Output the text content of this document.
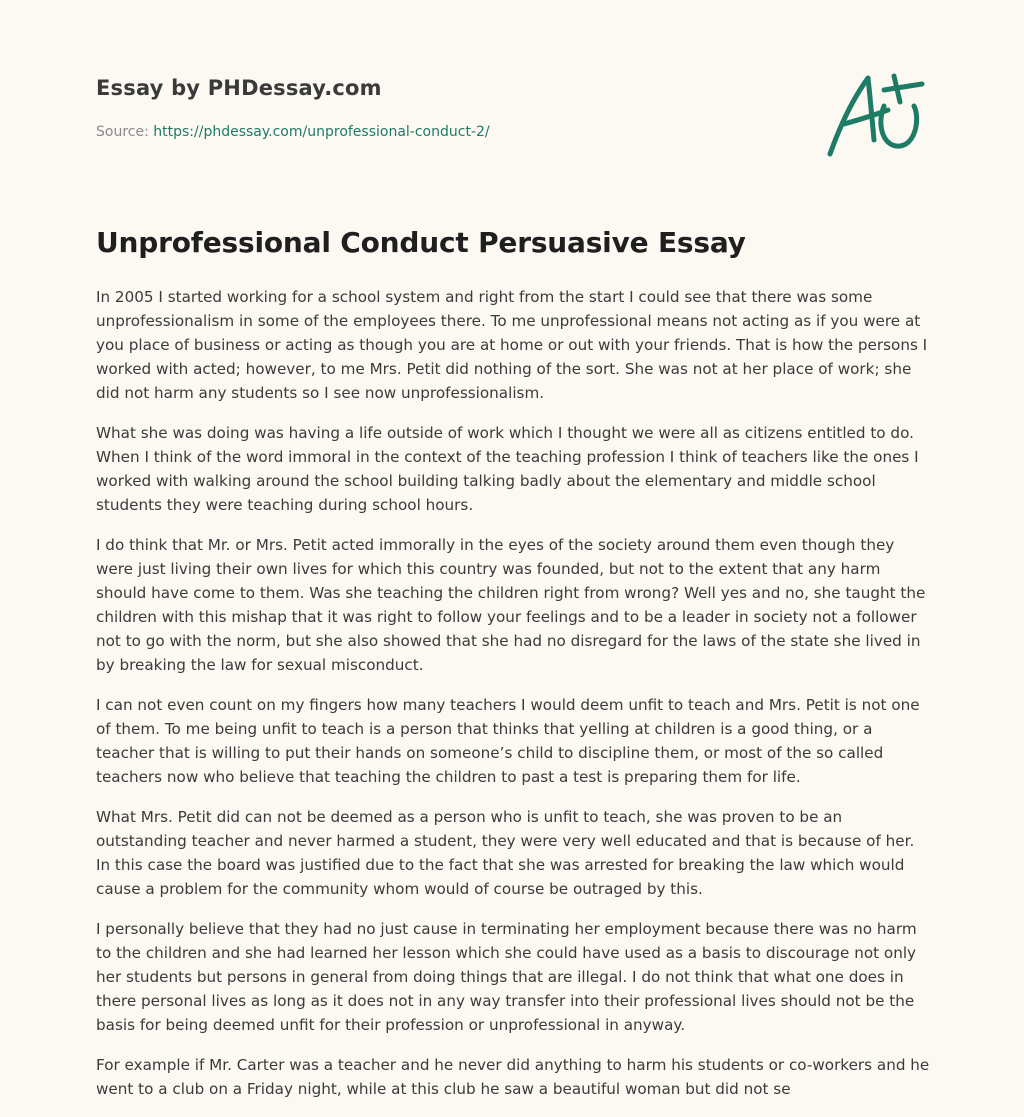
Essay by PHDessay.com
Source: https://phdessay.com/unprofessional-conduct-2/
Unprofessional Conduct Persuasive Essay

In 2005 I started working for a school system and right from the start I could see that there was some unprofessionalism in some of the employees there. To me unprofessional means not acting as if you were at you place of business or acting as though you are at home or out with your friends. That is how the persons I worked with acted; however, to me Mrs. Petit did nothing of the sort. She was not at her place of work; she did not harm any students so I see now unprofessionalism.

What she was doing was having a life outside of work which I thought we were all as citizens entitled to do. When I think of the word immoral in the context of the teaching profession I think of teachers like the ones I worked with walking around the school building talking badly about the elementary and middle school students they were teaching during school hours.

I do think that Mr. or Mrs. Petit acted immorally in the eyes of the society around them even though they were just living their own lives for which this country was founded, but not to the extent that any harm should have come to them. Was she teaching the children right from wrong? Well yes and no, she taught the children with this mishap that it was right to follow your feelings and to be a leader in society not a follower not to go with the norm, but she also showed that she had no disregard for the laws of the state she lived in by breaking the law for sexual misconduct.

I can not even count on my fingers how many teachers I would deem unfit to teach and Mrs. Petit is not one of them. To me being unfit to teach is a person that thinks that yelling at children is a good thing, or a teacher that is willing to put their hands on someone’s child to discipline them, or most of the so called teachers now who believe that teaching the children to past a test is preparing them for life.

What Mrs. Petit did can not be deemed as a person who is unfit to teach, she was proven to be an outstanding teacher and never harmed a student, they were very well educated and that is because of her. In this case the board was justified due to the fact that she was arrested for breaking the law which would cause a problem for the community whom would of course be outraged by this.

I personally believe that they had no just cause in terminating her employment because there was no harm to the children and she had learned her lesson which she could have used as a basis to discourage not only her students but persons in general from doing things that are illegal. I do not think that what one does in there personal lives as long as it does not in any way transfer into their professional lives should not be the basis for being deemed unfit for their profession or unprofessional in anyway.

For example if Mr. Carter was a teacher and he never did anything to harm his students or co-workers and he went to a club on a Friday night, while at this club he saw a beautiful woman but did not se
